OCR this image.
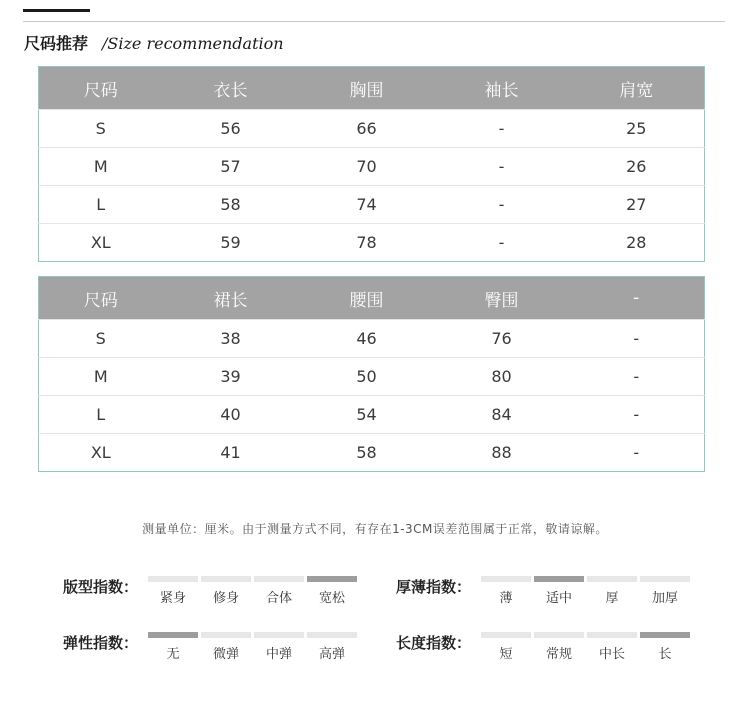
尺码推荐 /Size recommendation
尺码	衣长	胸围	袖长	肩宽
S	56	66	-	25
M	57	70	-	26
L	58	74	-	27
XL	59	78	-	28
尺码	裙长	腰围	臀围	-
S	38	46	76	-
M	39	50	80	-
L	40	54	84	-
XL	41	58	88	-
测量单位：厘米。由于测量方式不同，有存在1-3CM误差范围属于正常，敬请谅解。
版型指数：
紧身	修身	合体	宽松
厚薄指数：
薄	适中	厚	加厚
弹性指数：
无	微弹	中弹	高弹
长度指数：
短	常规	中长	长
